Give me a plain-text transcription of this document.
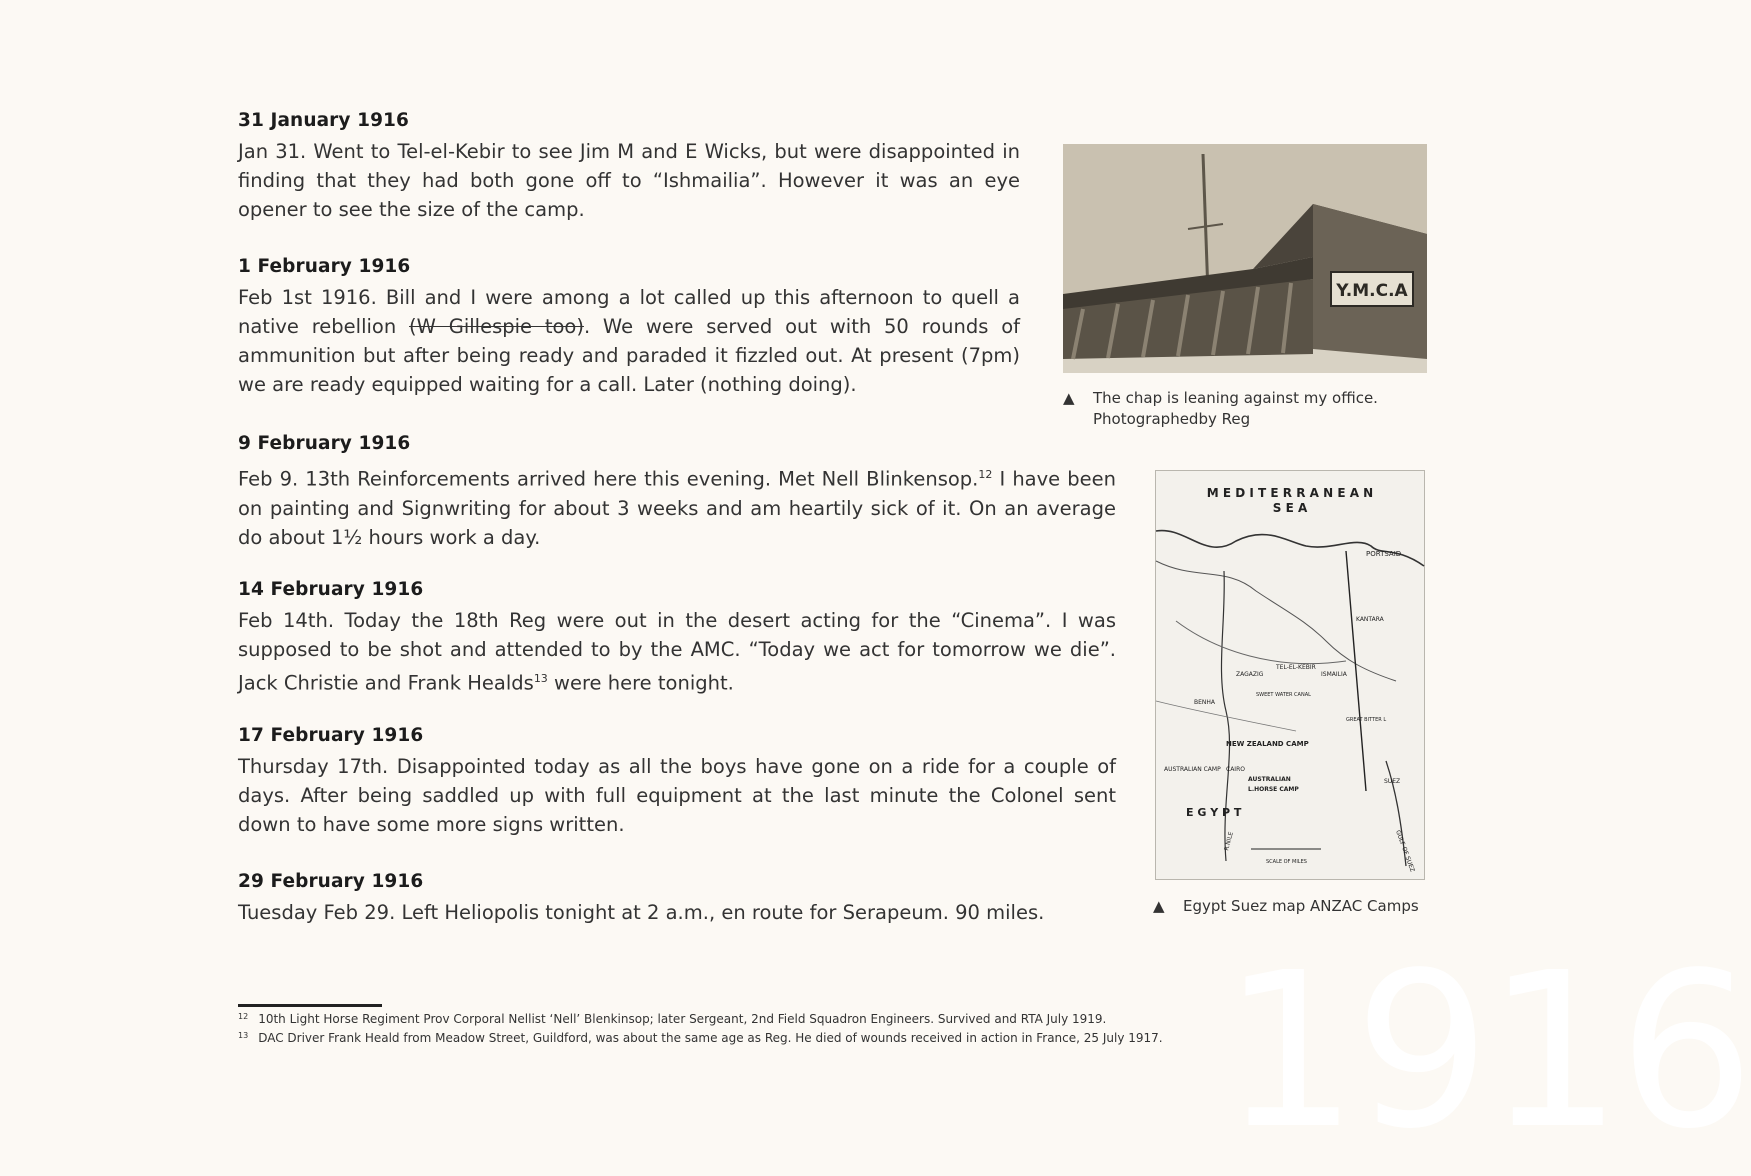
31 January 1916

Jan 31. Went to Tel-el-Kebir to see Jim M and E Wicks, but were disappointed in finding that they had both gone off to “Ishmailia”. However it was an eye opener to see the size of the camp.

1 February 1916

Feb 1st 1916. Bill and I were among a lot called up this afternoon to quell a native rebellion (W Gillespie too). We were served out with 50 rounds of ammunition but after being ready and paraded it fizzled out. At present (7pm) we are ready equipped waiting for a call. Later (nothing doing).

9 February 1916

Feb 9. 13th Reinforcements arrived here this evening. Met Nell Blinkensop.$^{12}$ I have been on painting and Signwriting for about 3 weeks and am heartily sick of it. On an average do about 1½ hours work a day.

14 February 1916

Feb 14th. Today the 18th Reg were out in the desert acting for the “Cinema”. I was supposed to be shot and attended to by the AMC. “Today we act for tomorrow we die”. Jack Christie and Frank Healds$^{13}$ were here tonight.

17 February 1916

Thursday 17th. Disappointed today as all the boys have gone on a ride for a couple of days. After being saddled up with full equipment at the last minute the Colonel sent down to have some more signs written.

29 February 1916

Tuesday Feb 29. Left Heliopolis tonight at 2 a.m., en route for Serapeum. 90 miles.

Y.M.C.A
▲ The chap is leaning against my office.
Photographedby Reg
M E D I T E R R A N E A N
S E A
PORTSAID
KANTARA
ZAGAZIG
TEL-EL-KEBIR
ISMAILIA
BENHA
SWEET WATER CANAL
GREAT BITTER L
NEW ZEALAND CAMP
AUSTRALIAN CAMP CAIRO
AUSTRALIAN
L.HORSE CAMP
SUEZ
E G Y P T
R.NILE	GULF OF SUEZ
SCALE OF MILES
▲ Egypt Suez map ANZAC Camps
$^{12}$ 10th Light Horse Regiment Prov Corporal Nellist ‘Nell’ Blenkinsop; later Sergeant, 2nd Field Squadron Engineers. Survived and RTA July 1919.
$^{13}$ DAC Driver Frank Heald from Meadow Street, Guildford, was about the same age as Reg. He died of wounds received in action in France, 25 July 1917. 1916
